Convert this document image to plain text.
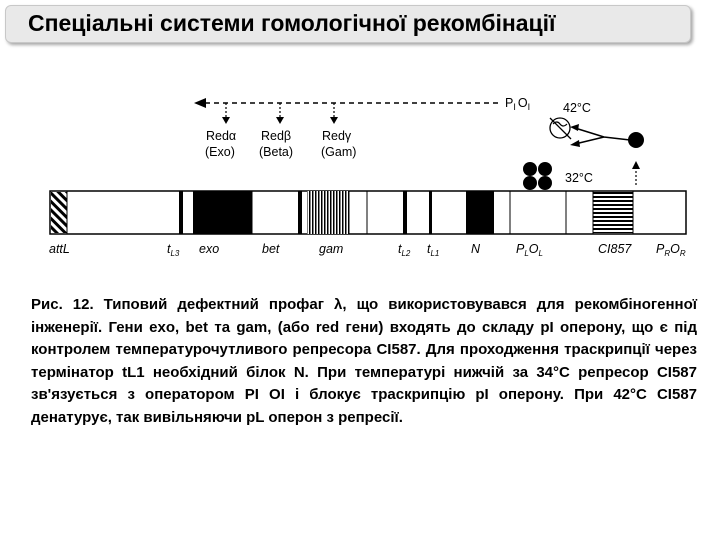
Спеціальні системи гомологічної рекомбінації
$P_I$ $O_I$	42°C
Redα
(Exo)
Redβ
(Beta)
Redγ
(Gam)
32°C
attL	$t_{L3}$ exo	bet	gam	$t_{L2}$ $t_{L1}$	N	$P_LO_L$	CI857 $P_RO_R$

Рис. 12. Типовий дефектний профаг λ, що використовувався для рекомбіногенної інженерії. Гени exo, bet та gam, (або red гени) входять до складу pI оперону, що є під контролем температурочутливого репресора CI587. Для проходження траскрипції через термінатор tL1 необхідний білок N. При температурі нижчій за 34°C репресор CI587 зв'язується з оператором PI OI і блокує трaскрипцію pI оперону. При 42°C CI587 денатурує, так вивільняючи pL оперон з репресії.
